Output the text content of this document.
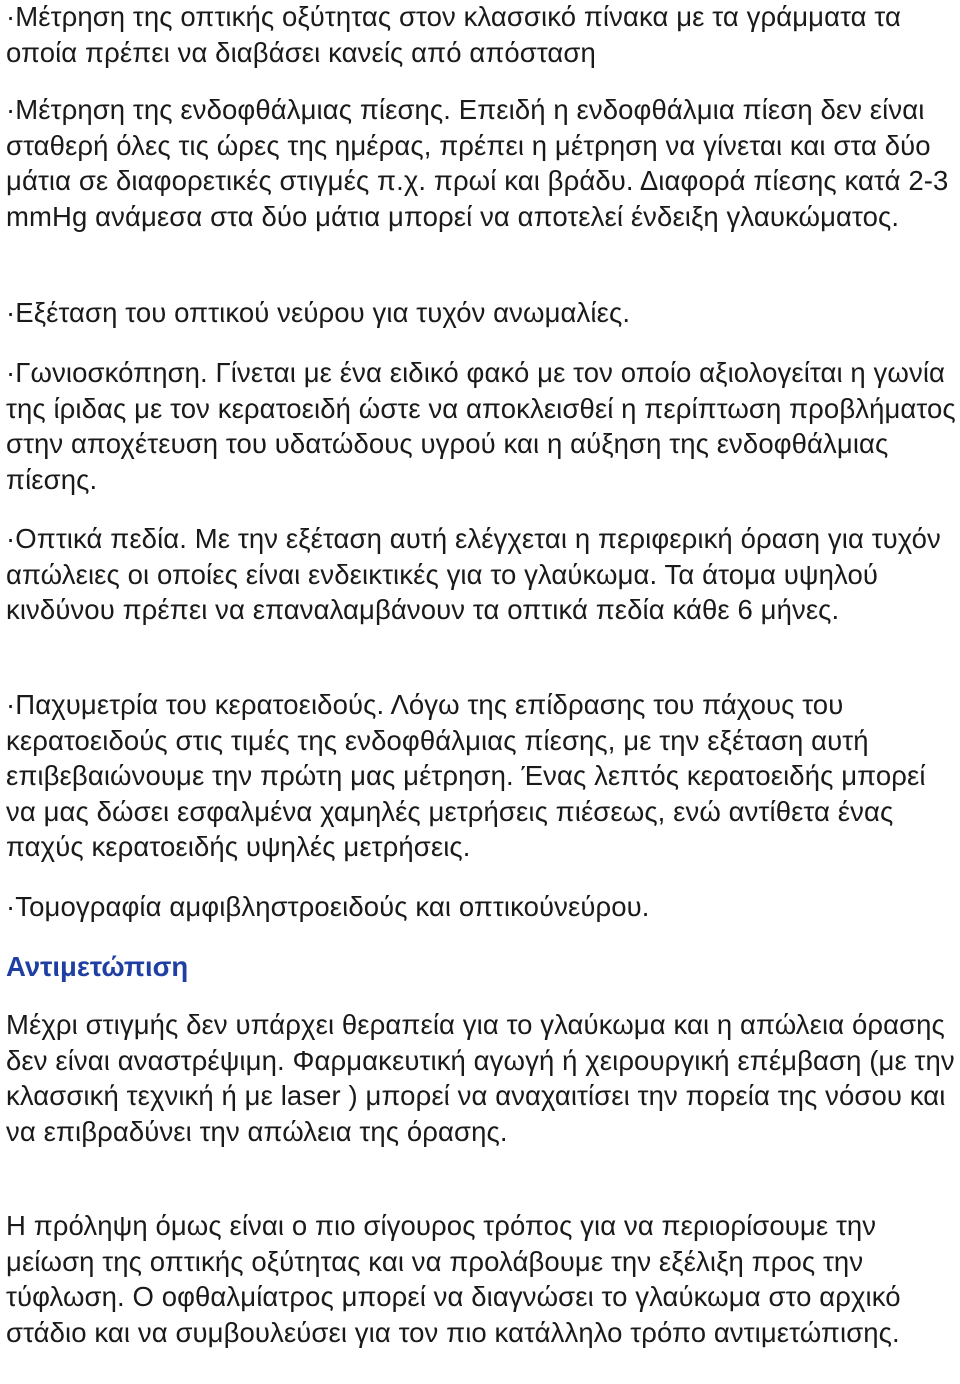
·Μέτρηση της οπτικής οξύτητας στον κλασσικό πίνακα με τα γράμματα τα οποία πρέπει να διαβάσει κανείς από απόσταση

·Μέτρηση της ενδοφθάλμιας πίεσης. Επειδή η ενδοφθάλμια πίεση δεν είναι σταθερή όλες τις ώρες της ημέρας, πρέπει η μέτρηση να γίνεται και στα δύο μάτια σε διαφορετικές στιγμές π.χ. πρωί και βράδυ. Διαφορά πίεσης κατά 2-3 mmHg ανάμεσα στα δύο μάτια μπορεί να αποτελεί ένδειξη γλαυκώματος.

·Εξέταση του οπτικού νεύρου για τυχόν ανωμαλίες.

·Γωνιοσκόπηση. Γίνεται με ένα ειδικό φακό με τον οποίο αξιολογείται η γωνία της ίριδας με τον κερατοειδή ώστε να αποκλεισθεί η περίπτωση προβλήματος στην αποχέτευση του υδατώδους υγρού και η αύξηση της ενδοφθάλμιας πίεσης.

·Οπτικά πεδία. Με την εξέταση αυτή ελέγχεται η περιφερική όραση για τυχόν απώλειες οι οποίες είναι ενδεικτικές για το γλαύκωμα. Τα άτομα υψηλού κινδύνου πρέπει να επαναλαμβάνουν τα οπτικά πεδία κάθε 6 μήνες.

·Παχυμετρία του κερατοειδούς. Λόγω της επίδρασης του πάχους του κερατοειδούς στις τιμές της ενδοφθάλμιας πίεσης, με την εξέταση αυτή επιβεβαιώνουμε την πρώτη μας μέτρηση. Ένας λεπτός κερατοειδής μπορεί να μας δώσει εσφαλμένα χαμηλές μετρήσεις πιέσεως, ενώ αντίθετα ένας παχύς κερατοειδής υψηλές μετρήσεις.

·Τομογραφία αμφιβληστροειδούς και οπτικούνεύρου.

Αντιμετώπιση

Μέχρι στιγμής δεν υπάρχει θεραπεία για το γλαύκωμα και η απώλεια όρασης δεν είναι αναστρέψιμη. Φαρμακευτική αγωγή ή χειρουργική επέμβαση (με την κλασσική τεχνική ή με laser ) μπορεί να αναχαιτίσει την πορεία της νόσου και να επιβραδύνει την απώλεια της όρασης.

Η πρόληψη όμως είναι ο πιο σίγουρος τρόπος για να περιορίσουμε την μείωση της οπτικής οξύτητας και να προλάβουμε την εξέλιξη προς την τύφλωση. Ο οφθαλμίατρος μπορεί να διαγνώσει το γλαύκωμα στο αρχικό στάδιο και να συμβουλεύσει για τον πιο κατάλληλο τρόπο αντιμετώπισης.
